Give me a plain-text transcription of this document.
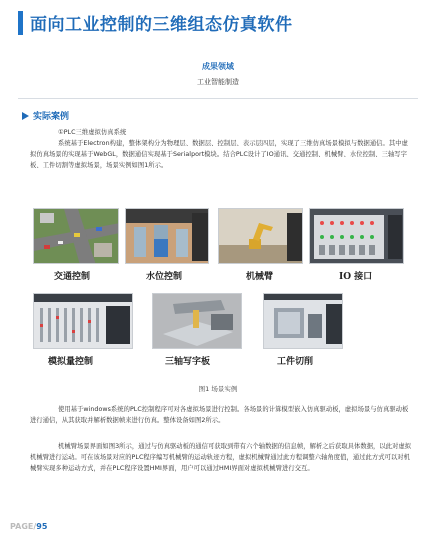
面向工业控制的三维组态仿真软件
成果领域
工业智能制造
实际案例
①PLC三维虚拟仿真系统
系统基于Electron构建，整体架构分为物理层、数据层、控制层、表示层四层，实现了三维仿真场景模拟与数据通信。其中虚拟仿真场景的实现基于WebGL，数据通信实现基于Serialport模块。结合PLC设计了IO通讯、交通控制、机械臂、水位控制、三轴写字板、工件切割等虚拟场景，场景实例如图1所示。
交通控制	水位控制	机械臂	IO 接口
模拟量控制	三轴写字板	工件切削
图1 场景实例
使用基于windows系统的PLC控制程序可对各虚拟场景进行控制。各场景的计算模型嵌入仿真驱动板，虚拟场景与仿真驱动板进行通信，从其获取并解析数据帧来进行仿真。整体设备如图2所示。
机械臂场景界面如图3所示，通过与仿真驱动板的通信可获取到带有六个轴数据的信息帧，解析之后获取具体数据，以此对虚拟机械臂进行运动。可在该场景对应的PLC程序编写机械臂的运动轨迹方程，虚拟机械臂通过此方程调整六轴角度值，通过此方式可以对机械臂实现多种运动方式，并在PLC程序设置HMI界面，用户可以通过HMI界面对虚拟机械臂进行交互。
PAGE/95
